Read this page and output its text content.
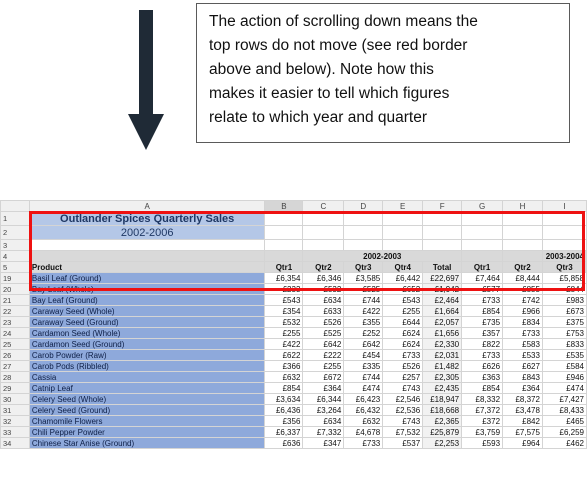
The action of scrolling down means the
top rows do not move (see red border
above and below). Note how this
makes it easier to tell which figures
relate to which year and quarter
	A	B	C	D	E	F	G	H	I
1	Outlander Spices Quarterly Sales								
2	2002-2006								
3									
4			2002-2003						2003-2004
5	Product	Qtr1	Qtr2	Qtr3	Qtr4	Total	Qtr1	Qtr2	Qtr3
19	Basil Leaf (Ground)	£6,354	£6,346	£3,585	£6,442	£22,697	£7,464	£8,444	£5,858
20	Bay Leaf (Whole)	£233	£532	£525	£652	£1,942	£577	£855	£844
21	Bay Leaf (Ground)	£543	£634	£744	£543	£2,464	£733	£742	£983
22	Caraway Seed (Whole)	£354	£633	£422	£255	£1,664	£854	£966	£673
23	Caraway Seed (Ground)	£532	£526	£355	£644	£2,057	£735	£834	£375
24	Cardamon Seed (Whole)	£255	£525	£252	£624	£1,656	£357	£733	£753
25	Cardamon Seed (Ground)	£422	£642	£642	£624	£2,330	£822	£583	£833
26	Carob Powder (Raw)	£622	£222	£454	£733	£2,031	£733	£533	£535
27	Carob Pods (Ribbled)	£366	£255	£335	£526	£1,482	£626	£627	£584
28	Cassia	£632	£672	£744	£257	£2,305	£363	£843	£946
29	Catnip Leaf	£854	£364	£474	£743	£2,435	£854	£364	£474
30	Celery Seed (Whole)	£3,634	£6,344	£6,423	£2,546	£18,947	£8,332	£8,372	£7,427
31	Celery Seed (Ground)	£6,436	£3,264	£6,432	£2,536	£18,668	£7,372	£3,478	£8,433
32	Chamomile Flowers	£356	£634	£632	£743	£2,365	£372	£842	£465
33	Chili Pepper Powder	£6,337	£7,332	£4,678	£7,532	£25,879	£3,759	£7,575	£6,259
34	Chinese Star Anise (Ground)	£636	£347	£733	£537	£2,253	£593	£964	£462
